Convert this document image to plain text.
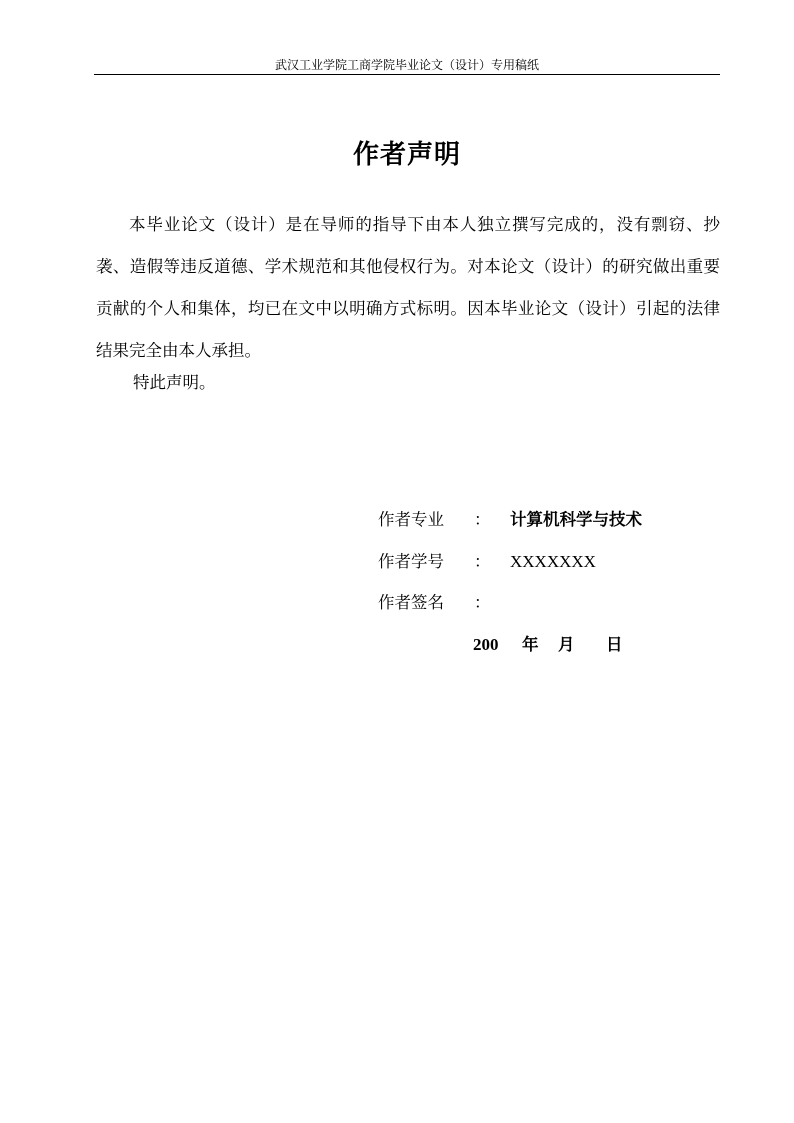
武汉工业学院工商学院毕业论文（设计）专用稿纸
作者声明
本毕业论文（设计）是在导师的指导下由本人独立撰写完成的，没有剽窃、抄袭、造假等违反道德、学术规范和其他侵权行为。对本论文（设计）的研究做出重要贡献的个人和集体，均已在文中以明确方式标明。因本毕业论文（设计）引起的法律结果完全由本人承担。
特此声明。
作者专业 ： 计算机科学与技术
作者学号 ： XXXXXXX
作者签名 ：
200 年 月 日
